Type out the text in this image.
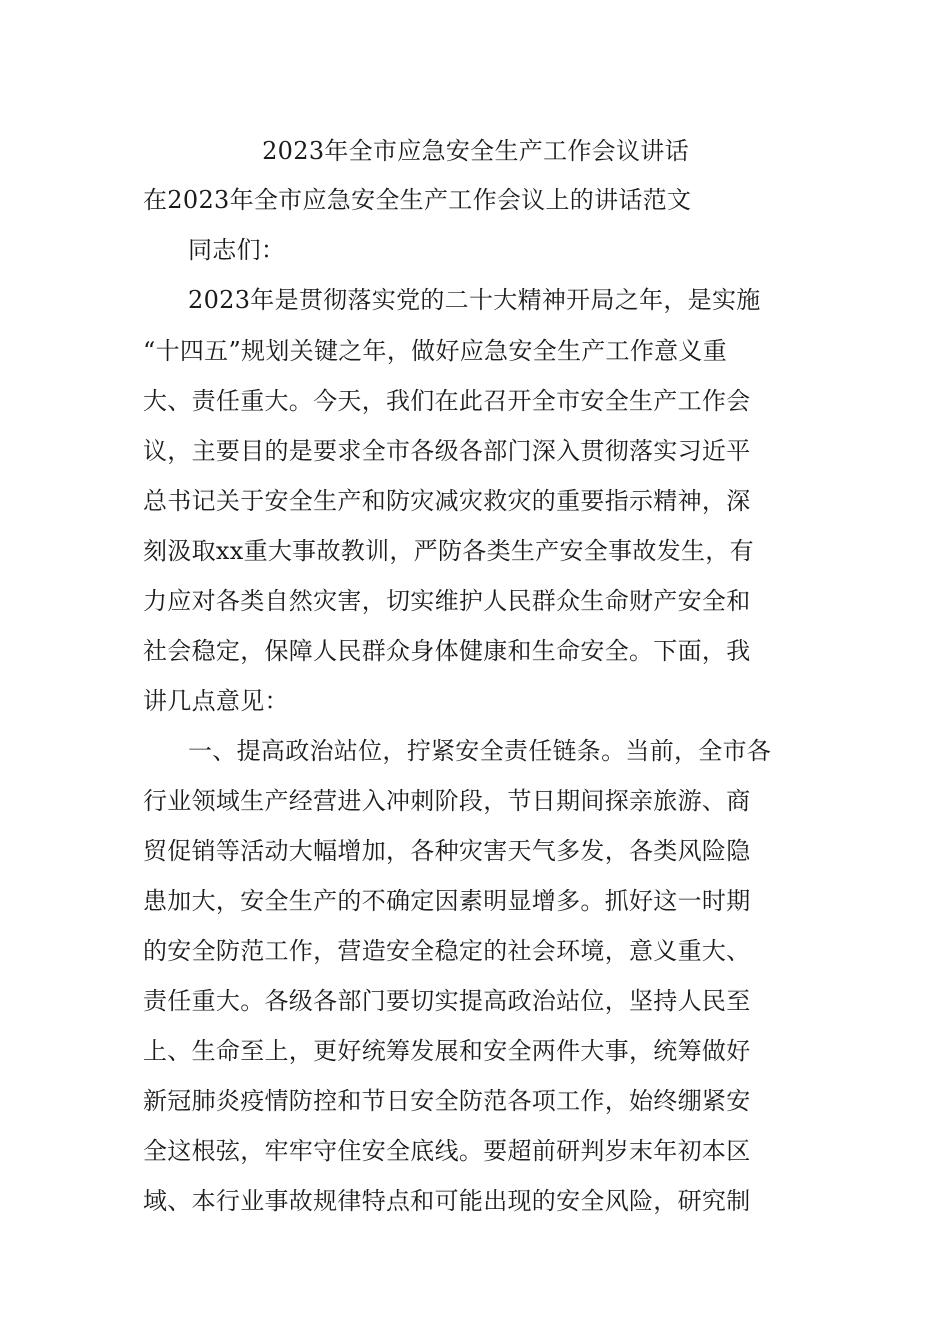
2023年全市应急安全生产工作会议讲话
在2023年全市应急安全生产工作会议上的讲话范文
同志们：
2023年是贯彻落实党的二十大精神开局之年，是实施
“十四五”规划关键之年，做好应急安全生产工作意义重
大、责任重大。今天，我们在此召开全市安全生产工作会
议，主要目的是要求全市各级各部门深入贯彻落实习近平
总书记关于安全生产和防灾减灾救灾的重要指示精神，深
刻汲取xx重大事故教训，严防各类生产安全事故发生，有
力应对各类自然灾害，切实维护人民群众生命财产安全和
社会稳定，保障人民群众身体健康和生命安全。下面，我
讲几点意见：
一、提高政治站位，拧紧安全责任链条。当前，全市各
行业领域生产经营进入冲刺阶段，节日期间探亲旅游、商
贸促销等活动大幅增加，各种灾害天气多发，各类风险隐
患加大，安全生产的不确定因素明显增多。抓好这一时期
的安全防范工作，营造安全稳定的社会环境，意义重大、
责任重大。各级各部门要切实提高政治站位，坚持人民至
上、生命至上，更好统筹发展和安全两件大事，统筹做好
新冠肺炎疫情防控和节日安全防范各项工作，始终绷紧安
全这根弦，牢牢守住安全底线。要超前研判岁末年初本区
域、本行业事故规律特点和可能出现的安全风险，研究制
